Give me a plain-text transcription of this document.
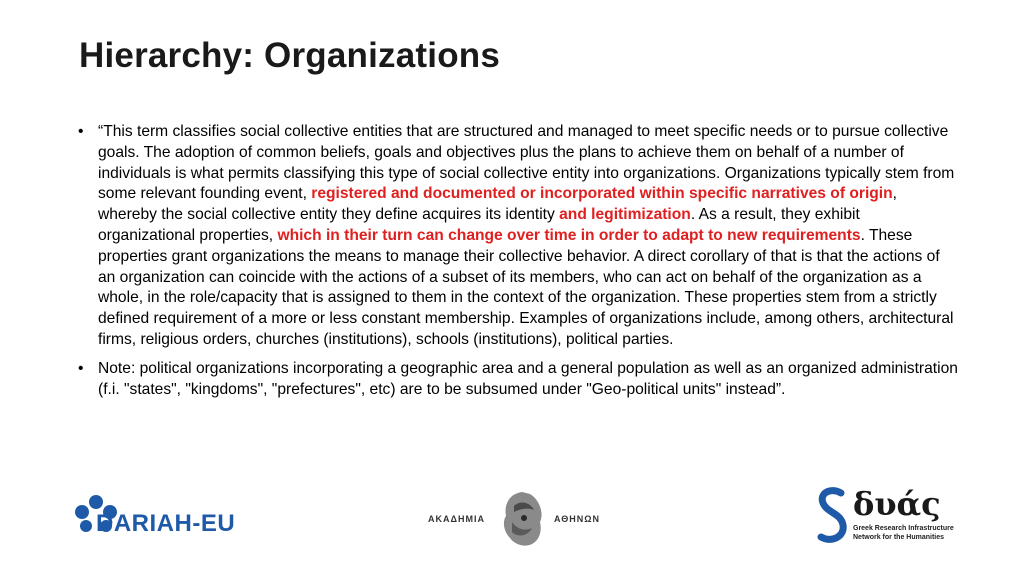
Hierarchy: Organizations
• “This term classifies social collective entities that are structured and managed to meet specific needs or to pursue collective goals. The adoption of common beliefs, goals and objectives plus the plans to achieve them on behalf of a number of individuals is what permits classifying this type of social collective entity into organizations. Organizations typically stem from some relevant founding event, registered and documented or incorporated within specific narratives of origin, whereby the social collective entity they define acquires its identity and legitimization. As a result, they exhibit organizational properties, which in their turn can change over time in order to adapt to new requirements. These properties grant organizations the means to manage their collective behavior. A direct corollary of that is that the actions of an organization can coincide with the actions of a subset of its members, who can act on behalf of the organization as a whole, in the role/capacity that is assigned to them in the context of the organization. These properties stem from a strictly defined requirement of a more or less constant membership. Examples of organizations include, among others, architectural firms, religious orders, churches (institutions), schools (institutions), political parties.
• Note: political organizations incorporating a geographic area and a general population as well as an organized administration (f.i. "states", "kingdoms", "prefectures", etc) are to be subsumed under "Geo-political units" instead”.
DARIAH-EU	ΑΚΑΔΗΜΙΑ	ΑΘΗΝΩΝ	δυάς
Greek Research Infrastructure
Network for the Humanities
